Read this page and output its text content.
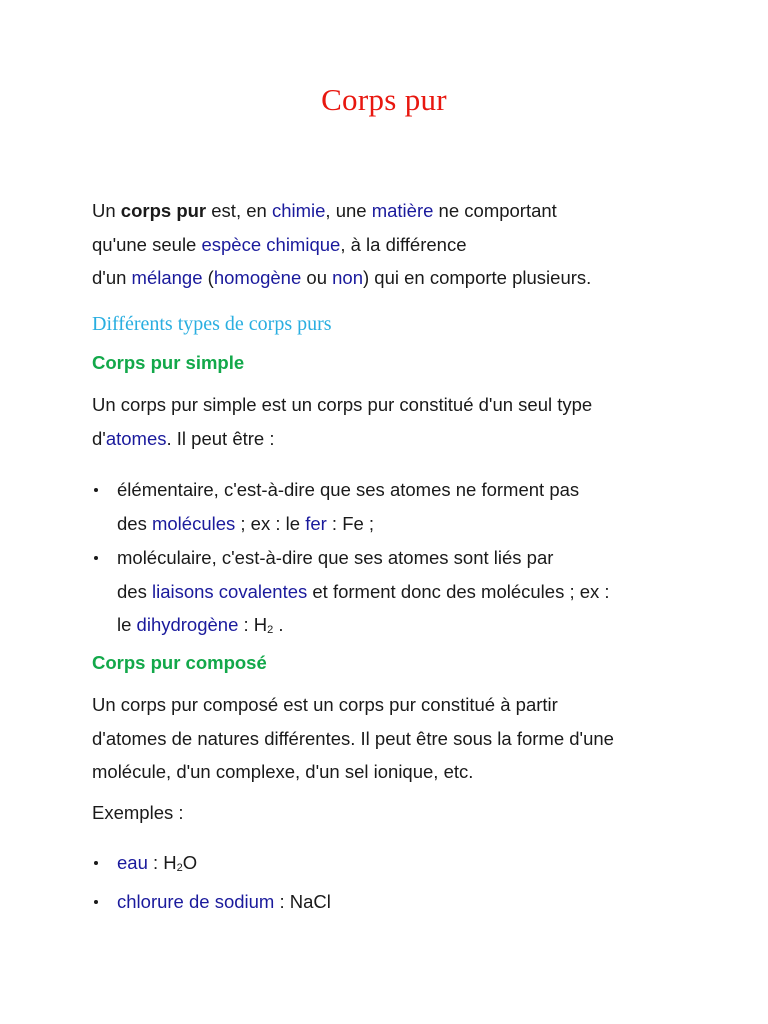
Corps pur

Un corps pur est, en chimie, une matière ne comportant

qu'une seule espèce chimique, à la différence

d'un mélange (homogène ou non) qui en comporte plusieurs.

Différents types de corps purs
Corps pur simple

Un corps pur simple est un corps pur constitué d'un seul type

d'atomes. Il peut être :

élémentaire, c'est-à-dire que ses atomes ne forment pas
des molécules ; ex : le fer : Fe ;
moléculaire, c'est-à-dire que ses atomes sont liés par
des liaisons covalentes et forment donc des molécules ; ex :
le dihydrogène : $H_2$ .
Corps pur composé

Un corps pur composé est un corps pur constitué à partir

d'atomes de natures différentes. Il peut être sous la forme d'une

molécule, d'un complexe, d'un sel ionique, etc.

Exemples :

eau : $H_2O$
chlorure de sodium : NaCl
